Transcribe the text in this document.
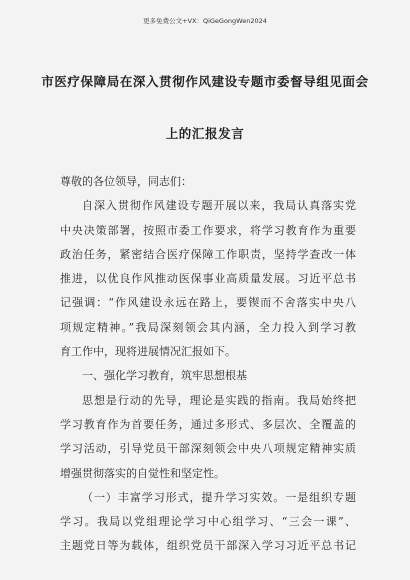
更多免费公文+VX：QiGeGongWen2024
市医疗保障局在深入贯彻作风建设专题市委督导组见面会
上的汇报发言
尊敬的各位领导，同志们：
自深入贯彻作风建设专题开展以来，我局认真落实党
中央决策部署，按照市委工作要求，将学习教育作为重要
政治任务，紧密结合医疗保障工作职责，坚持学查改一体
推进，以优良作风推动医保事业高质量发展。习近平总书
记强调：“作风建设永远在路上，要锲而不舍落实中央八
项规定精神。”我局深刻领会其内涵，全力投入到学习教
育工作中，现将进展情况汇报如下。
一、强化学习教育，筑牢思想根基
思想是行动的先导，理论是实践的指南。我局始终把
学习教育作为首要任务，通过多形式、多层次、全覆盖的
学习活动，引导党员干部深刻领会中央八项规定精神实质
增强贯彻落实的自觉性和坚定性。
（一）丰富学习形式，提升学习实效。一是组织专题
学习。我局以党组理论学习中心组学习、“三会一课”、
主题党日等为载体，组织党员干部深入学习习近平总书记
